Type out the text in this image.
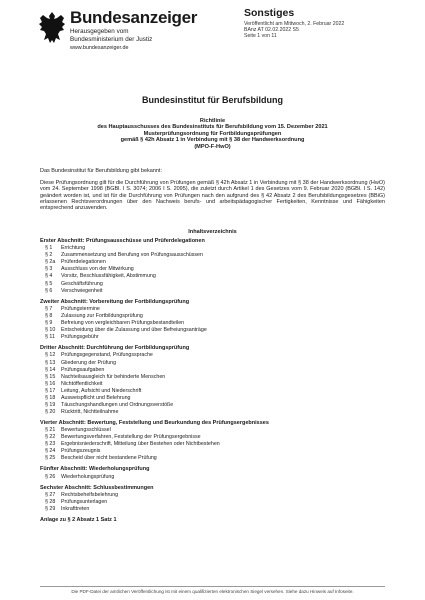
Bundesanzeiger
Herausgegeben vom
Bundesministerium der Justiz
www.bundesanzeiger.de
Sonstiges
Veröffentlicht am Mittwoch, 2. Februar 2022
BAnz AT 02.02.2022 S5
Seite 1 von 11
Bundesinstitut für Berufsbildung
Richtlinie
des Hauptausschusses des Bundesinstituts für Berufsbildung vom 15. Dezember 2021
Musterprüfungsordnung für Fortbildungsprüfungen
gemäß § 42h Absatz 1 in Verbindung mit § 38 der Handwerksordnung
(MPO-F-HwO)
Das Bundesinstitut für Berufsbildung gibt bekannt:
Diese Prüfungsordnung gilt für die Durchführung von Prüfungen gemäß § 42h Absatz 1 in Verbindung mit § 38 der Handwerksordnung (HwO) vom 24. September 1998 (BGBl. I S. 3074; 2006 I S. 2095), die zuletzt durch Artikel 1 des Gesetzes vom 9. Februar 2020 (BGBl. I S. 142) geändert worden ist, und ist für die Durchführung von Prüfungen nach den aufgrund des § 42 Absatz 2 des Berufsbildungsgesetzes (BBiG) erlassenen Rechtsverordnungen über den Nachweis berufs- und arbeitspädagogischer Fertigkeiten, Kenntnisse und Fähigkeiten entsprechend anzuwenden.
Inhaltsverzeichnis
Erster Abschnitt: Prüfungsausschüsse und Prüferdelegationen
§ 1	Errichtung
§ 2	Zusammensetzung und Berufung von Prüfungsausschüssen
§ 2a	Prüferdelegationen
§ 3	Ausschluss von der Mitwirkung
§ 4	Vorsitz, Beschlussfähigkeit, Abstimmung
§ 5	Geschäftsführung
§ 6	Verschwiegenheit
Zweiter Abschnitt: Vorbereitung der Fortbildungsprüfung
§ 7	Prüfungstermine
§ 8	Zulassung zur Fortbildungsprüfung
§ 9	Befreiung von vergleichbaren Prüfungsbestandteilen
§ 10	Entscheidung über die Zulassung und über Befreiungsanträge
§ 11	Prüfungsgebühr
Dritter Abschnitt: Durchführung der Fortbildungsprüfung
§ 12	Prüfungsgegenstand, Prüfungssprache
§ 13	Gliederung der Prüfung
§ 14	Prüfungsaufgaben
§ 15	Nachteilsausgleich für behinderte Menschen
§ 16	Nichtöffentlichkeit
§ 17	Leitung, Aufsicht und Niederschrift
§ 18	Ausweispflicht und Belehrung
§ 19	Täuschungshandlungen und Ordnungsverstöße
§ 20	Rücktritt, Nichtteilnahme
Vierter Abschnitt: Bewertung, Feststellung und Beurkundung des Prüfungsergebnisses
§ 21	Bewertungsschlüssel
§ 22	Bewertungsverfahren, Feststellung der Prüfungsergebnisse
§ 23	Ergebnisniederschrift, Mitteilung über Bestehen oder Nichtbestehen
§ 24	Prüfungszeugnis
§ 25	Bescheid über nicht bestandene Prüfung
Fünfter Abschnitt: Wiederholungsprüfung
§ 26	Wiederholungsprüfung
Sechster Abschnitt: Schlussbestimmungen
§ 27	Rechtsbehelfsbelehrung
§ 28	Prüfungsunterlagen
§ 29	Inkrafttreten
Anlage zu § 2 Absatz 1 Satz 1
Die PDF-Datei der amtlichen Veröffentlichung ist mit einem qualifizierten elektronischen Siegel versehen. Siehe dazu Hinweis auf Infoseite.
